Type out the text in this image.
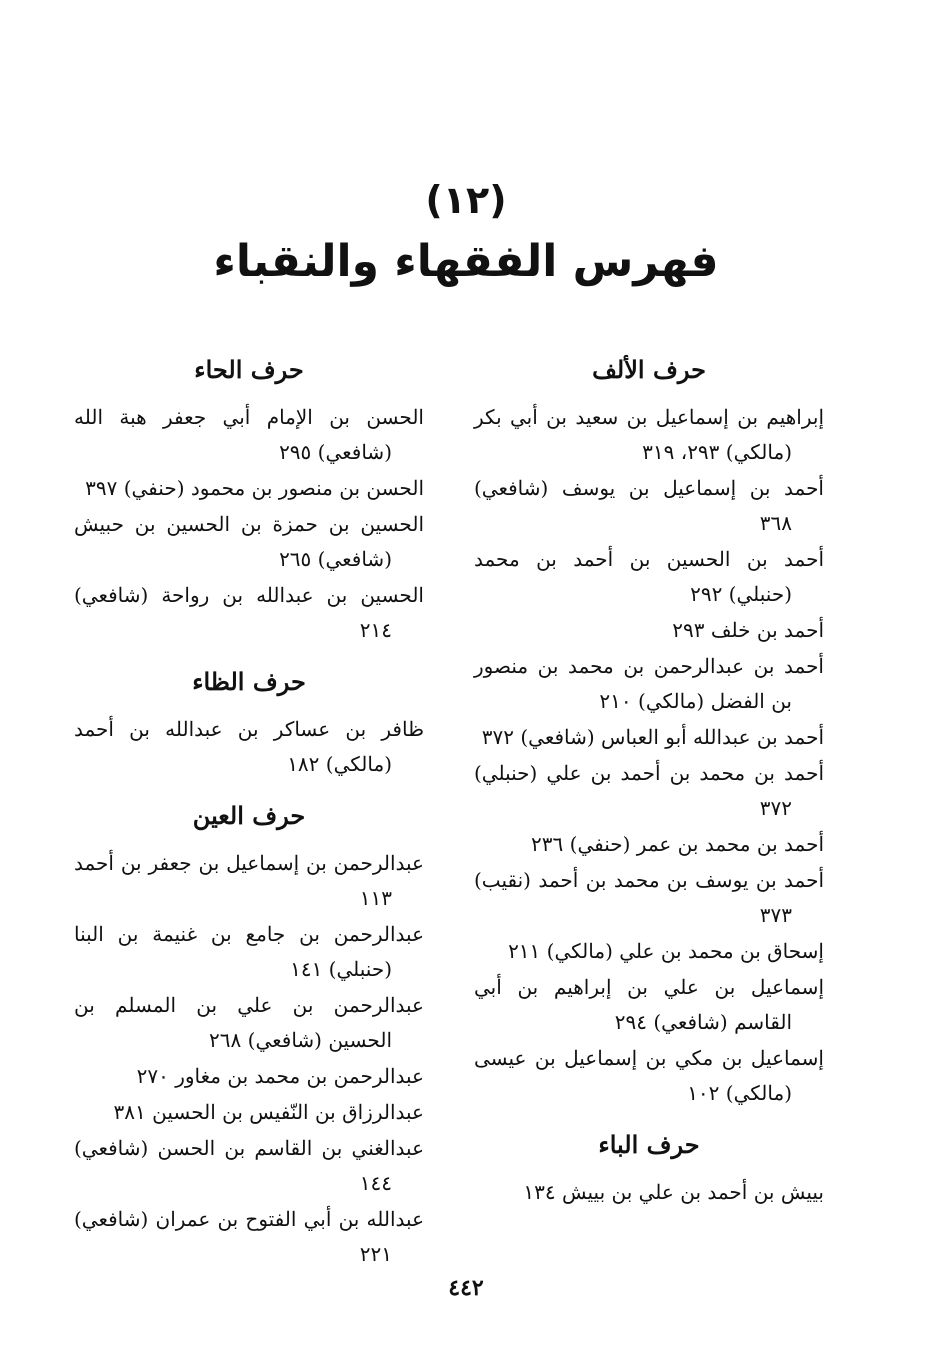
(١٢)
فهرس الفقهاء والنقباء
حرف الألف
إبراهيم بن إسماعيل بن سعيد بن أبي بكر (مالكي) ٢٩٣، ٣١٩
أحمد بن إسماعيل بن يوسف (شافعي) ٣٦٨
أحمد بن الحسين بن أحمد بن محمد (حنبلي) ٢٩٢
أحمد بن خلف ٢٩٣
أحمد بن عبدالرحمن بن محمد بن منصور بن الفضل (مالكي) ٢١٠
أحمد بن عبدالله أبو العباس (شافعي) ٣٧٢
أحمد بن محمد بن أحمد بن علي (حنبلي) ٣٧٢
أحمد بن محمد بن عمر (حنفي) ٢٣٦
أحمد بن يوسف بن محمد بن أحمد (نقيب) ٣٧٣
إسحاق بن محمد بن علي (مالكي) ٢١١
إسماعيل بن علي بن إبراهيم بن أبي القاسم (شافعي) ٢٩٤
إسماعيل بن مكي بن إسماعيل بن عيسى (مالكي) ١٠٢
حرف الباء
بييش بن أحمد بن علي بن بييش ١٣٤
حرف الحاء
الحسن بن الإمام أبي جعفر هبة الله (شافعي) ٢٩٥
الحسن بن منصور بن محمود (حنفي) ٣٩٧
الحسين بن حمزة بن الحسين بن حبيش (شافعي) ٢٦٥
الحسين بن عبدالله بن رواحة (شافعي) ٢١٤
حرف الظاء
ظافر بن عساكر بن عبدالله بن أحمد (مالكي) ١٨٢
حرف العين
عبدالرحمن بن إسماعيل بن جعفر بن أحمد ١١٣
عبدالرحمن بن جامع بن غنيمة بن البنا (حنبلي) ١٤١
عبدالرحمن بن علي بن المسلم بن الحسين (شافعي) ٢٦٨
عبدالرحمن بن محمد بن مغاور ٢٧٠
عبدالرزاق بن النّفيس بن الحسين ٣٨١
عبدالغني بن القاسم بن الحسن (شافعي) ١٤٤
عبدالله بن أبي الفتوح بن عمران (شافعي) ٢٢١
٤٤٢
